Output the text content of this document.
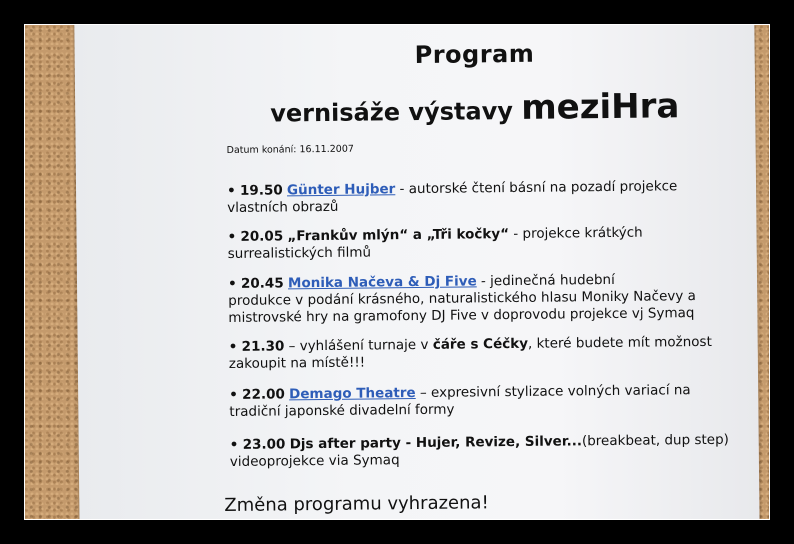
Program
vernisáže výstavy meziHra
Datum konání: 16.11.2007
• 19.50 Günter Hujber - autorské čtení básní na pozadí projekce
vlastních obrazů
• 20.05 „Frankův mlýn“ a „Tři kočky“ - projekce krátkých
surrealistických filmů
• 20.45 Monika Načeva & Dj Five - jedinečná hudební
produkce v podání krásného, naturalistického hlasu Moniky Načevy a
mistrovské hry na gramofony DJ Five v doprovodu projekce vj Symaq
• 21.30 – vyhlášení turnaje v čáře s Céčky, které budete mít možnost
zakoupit na místě!!!
• 22.00 Demago Theatre – expresivní stylizace volných variací na
tradiční japonské divadelní formy
• 23.00 Djs after party - Hujer, Revize, Silver...(breakbeat, dup step)
videoprojekce via Symaq
Změna programu vyhrazena!
